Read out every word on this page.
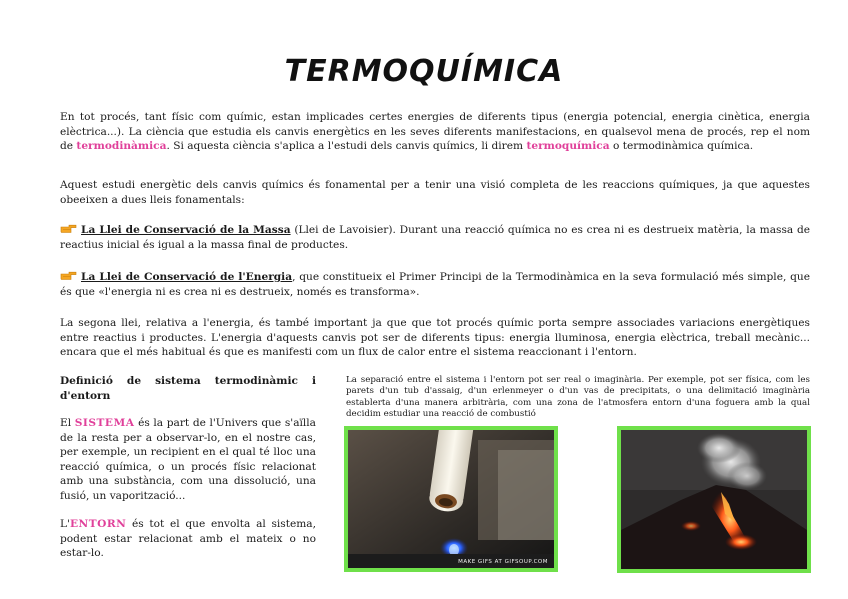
TERMOQUÍMICA

En tot procés, tant físic com químic, estan implicades certes energies de diferents tipus (energia potencial, energia cinètica, energia elèctrica...). La ciència que estudia els canvis energètics en les seves diferents manifestacions, en qualsevol mena de procés, rep el nom de termodinàmica. Si aquesta ciència s'aplica a l'estudi dels canvis químics, li direm termoquímica o termodinàmica química.

Aquest estudi energètic dels canvis químics és fonamental per a tenir una visió completa de les reaccions químiques, ja que aquestes obeeixen a dues lleis fonamentals:

La Llei de Conservació de la Massa (Llei de Lavoisier). Durant una reacció química no es crea ni es destrueix matèria, la massa de reactius inicial és igual a la massa final de productes.

La Llei de Conservació de l'Energia, que constitueix el Primer Principi de la Termodinàmica en la seva formulació més simple, que és que «l'energia ni es crea ni es destrueix, només es transforma».

La segona llei, relativa a l'energia, és també important ja que que tot procés químic porta sempre associades variacions energètiques entre reactius i productes. L'energia d'aquests canvis pot ser de diferents tipus: energia lluminosa, energia elèctrica, treball mecànic... encara que el més habitual és que es manifesti com un flux de calor entre el sistema reaccionant i l'entorn.

Definició de sistema termodinàmic i d'entorn

El SISTEMA és la part de l'Univers que s'aïlla de la resta per a observar-lo, en el nostre cas, per exemple, un recipient en el qual té lloc una reacció química, o un procés físic relacionat amb una substància, com una dissolució, una fusió, un vaporització...

L'ENTORN és tot el que envolta al sistema, podent estar relacionat amb el mateix o no estar-lo.

La separació entre el sistema i l'entorn pot ser real o imaginària. Per exemple, pot ser física, com les parets d'un tub d'assaig, d'un erlenmeyer o d'un vas de precipitats, o una delimitació imaginària establerta d'una manera arbitrària, com una zona de l'atmosfera entorn d'una foguera amb la qual decidim estudiar una reacció de combustió

MAKE GIFS AT GIFSOUP.COM
